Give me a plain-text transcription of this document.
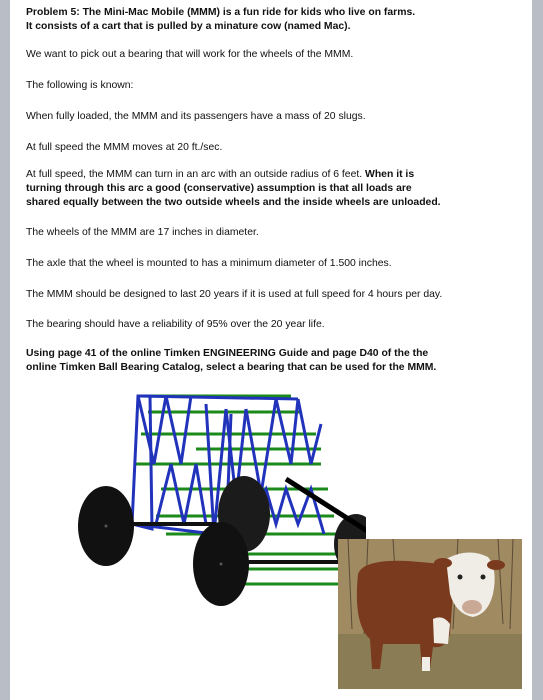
Problem 5: The Mini-Mac Mobile (MMM) is a fun ride for kids who live on farms.
It consists of a cart that is pulled by a minature cow (named Mac).
We want to pick out a bearing that will work for the wheels of the MMM.
The following is known:
When fully loaded, the MMM and its passengers have a mass of 20 slugs.
At full speed the MMM moves at 20 ft./sec.
At full speed, the MMM can turn in an arc with an outside radius of 6 feet. When it is
turning through this arc a good (conservative) assumption is that all loads are
shared equally between the two outside wheels and the inside wheels are unloaded.
The wheels of the MMM are 17 inches in diameter.
The axle that the wheel is mounted to has a minimum diameter of 1.500 inches.
The MMM should be designed to last 20 years if it is used at full speed for 4 hours per day.
The bearing should have a reliability of 95% over the 20 year life.
Using page 41 of the online Timken ENGINEERING Guide and page D40 of the the
online Timken Ball Bearing Catalog, select a bearing that can be used for the MMM.
